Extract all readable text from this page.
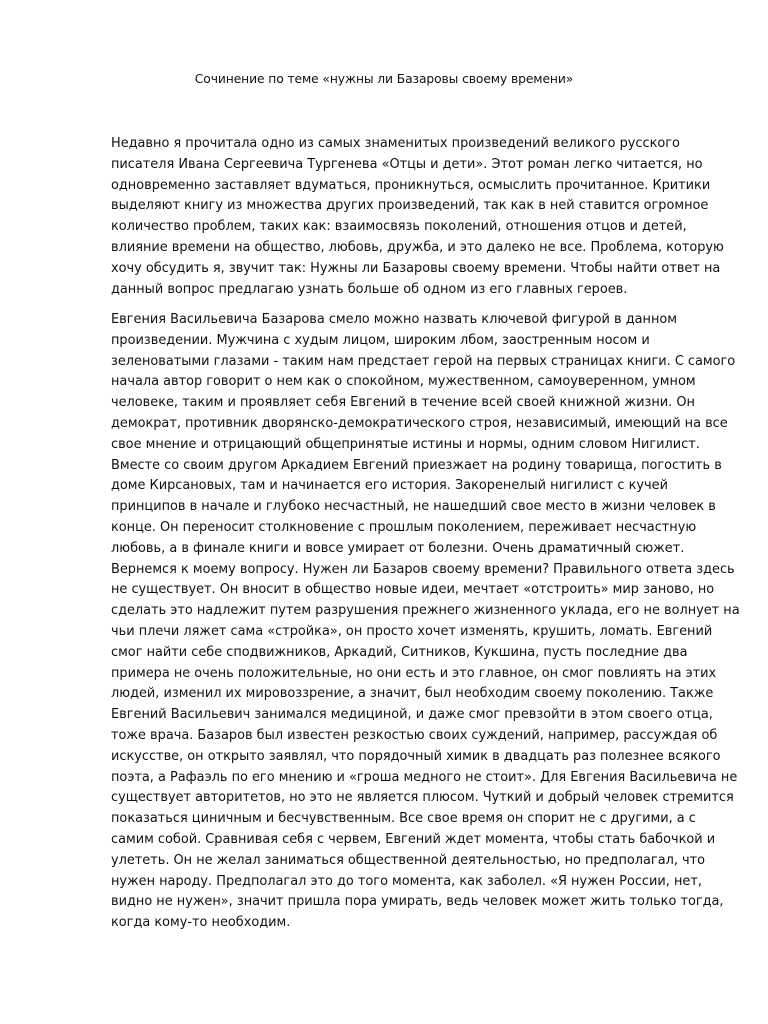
Сочинение по теме «нужны ли Базаровы своему времени»
Недавно я прочитала одно из самых знаменитых произведений великого русского
писателя Ивана Сергеевича Тургенева «Отцы и дети». Этот роман легко читается, но
одновременно заставляет вдуматься, проникнуться, осмыслить прочитанное. Критики
выделяют книгу из множества других произведений, так как в ней ставится огромное
количество проблем, таких как: взаимосвязь поколений, отношения отцов и детей,
влияние времени на общество, любовь, дружба, и это далеко не все. Проблема, которую
хочу обсудить я, звучит так: Нужны ли Базаровы своему времени. Чтобы найти ответ на
данный вопрос предлагаю узнать больше об одном из его главных героев.
Евгения Васильевича Базарова смело можно назвать ключевой фигурой в данном
произведении. Мужчина с худым лицом, широким лбом, заостренным носом и
зеленоватыми глазами - таким нам предстает герой на первых страницах книги. С самого
начала автор говорит о нем как о спокойном, мужественном, самоуверенном, умном
человеке, таким и проявляет себя Евгений в течение всей своей книжной жизни. Он
демократ, противник дворянско-демократического строя, независимый, имеющий на все
свое мнение и отрицающий общепринятые истины и нормы, одним словом Нигилист.
Вместе со своим другом Аркадием Евгений приезжает на родину товарища, погостить в
доме Кирсановых, там и начинается его история. Закоренелый нигилист с кучей
принципов в начале и глубоко несчастный, не нашедший свое место в жизни человек в
конце. Он переносит столкновение с прошлым поколением, переживает несчастную
любовь, а в финале книги и вовсе умирает от болезни. Очень драматичный сюжет.
Вернемся к моему вопросу. Нужен ли Базаров своему времени? Правильного ответа здесь
не существует. Он вносит в общество новые идеи, мечтает «отстроить» мир заново, но
сделать это надлежит путем разрушения прежнего жизненного уклада, его не волнует на
чьи плечи ляжет сама «стройка», он просто хочет изменять, крушить, ломать. Евгений
смог найти себе сподвижников, Аркадий, Ситников, Кукшина, пусть последние два
примера не очень положительные, но они есть и это главное, он смог повлиять на этих
людей, изменил их мировоззрение, а значит, был необходим своему поколению. Также
Евгений Васильевич занимался медициной, и даже смог превзойти в этом своего отца,
тоже врача. Базаров был известен резкостью своих суждений, например, рассуждая об
искусстве, он открыто заявлял, что порядочный химик в двадцать раз полезнее всякого
поэта, а Рафаэль по его мнению и «гроша медного не стоит». Для Евгения Васильевича не
существует авторитетов, но это не является плюсом. Чуткий и добрый человек стремится
показаться циничным и бесчувственным. Все свое время он спорит не с другими, а с
самим собой. Сравнивая себя с червем, Евгений ждет момента, чтобы стать бабочкой и
улететь. Он не желал заниматься общественной деятельностью, но предполагал, что
нужен народу. Предполагал это до того момента, как заболел. «Я нужен России, нет,
видно не нужен», значит пришла пора умирать, ведь человек может жить только тогда,
когда кому-то необходим.
